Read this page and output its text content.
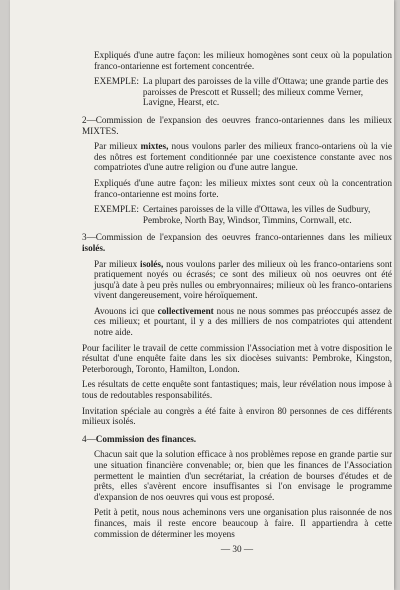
Expliqués d'une autre façon: les milieux homogènes sont ceux où la population franco-ontarienne est fortement concentrée.

EXEMPLE: La plupart des paroisses de la ville d'Ottawa; une grande partie des paroisses de Prescott et Russell; des milieux comme Verner, Lavigne, Hearst, etc.

2—Commission de l'expansion des oeuvres franco-ontariennes dans les milieux MIXTES.

Par milieux mixtes, nous voulons parler des milieux franco-ontariens où la vie des nôtres est fortement conditionnée par une coexistence constante avec nos compatriotes d'une autre religion ou d'une autre langue.

Expliqués d'une autre façon: les milieux mixtes sont ceux où la concentration franco-ontarienne est moins forte.

EXEMPLE: Certaines paroisses de la ville d'Ottawa, les villes de Sudbury, Pembroke, North Bay, Windsor, Timmins, Cornwall, etc.

3—Commission de l'expansion des oeuvres franco-ontariennes dans les milieux isolés.

Par milieux isolés, nous voulons parler des milieux où les franco-ontariens sont pratiquement noyés ou écrasés; ce sont des milieux où nos oeuvres ont été jusqu'à date à peu près nulles ou embryonnaires; milieux où les franco-ontariens vivent dangereusement, voire héroïquement.

Avouons ici que collectivement nous ne nous sommes pas préoccupés assez de ces milieux; et pourtant, il y a des milliers de nos compatriotes qui attendent notre aide.

Pour faciliter le travail de cette commission l'Association met à votre disposition le résultat d'une enquête faite dans les six diocèses suivants: Pembroke, Kingston, Peterborough, Toronto, Hamilton, London.

Les résultats de cette enquête sont fantastiques; mais, leur révélation nous impose à tous de redoutables responsabilités.

Invitation spéciale au congrès a été faite à environ 80 personnes de ces différents milieux isolés.

4—Commission des finances.

Chacun sait que la solution efficace à nos problèmes repose en grande partie sur une situation financière convenable; or, bien que les finances de l'Association permettent le maintien d'un secrétariat, la création de bourses d'études et de prêts, elles s'avèrent encore insuffisantes si l'on envisage le programme d'expansion de nos oeuvres qui vous est proposé.

Petit à petit, nous nous acheminons vers une organisation plus raisonnée de nos finances, mais il reste encore beaucoup à faire. Il appartiendra à cette commission de déterminer les moyens

— 30 —
